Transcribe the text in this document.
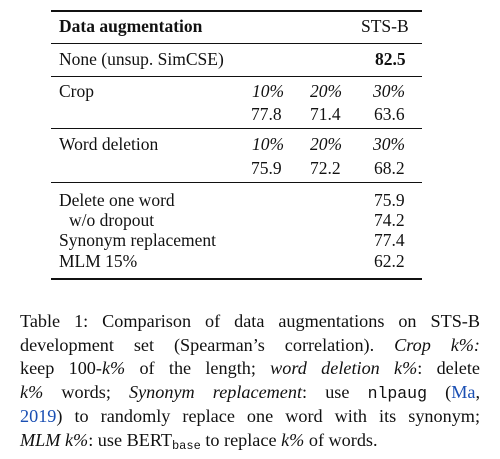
Data augmentation	STS-B
None (unsup. SimCSE)	82.5
Crop	10% 20% 30%
77.8 71.4 63.6
Word deletion	10% 20% 30%
75.9 72.2 68.2
Delete one word	75.9
w/o dropout	74.2
Synonym replacement	77.4
MLM 15%	62.2
Table 1: Comparison of data augmentations on STS-B
development set (Spearman’s correlation). Crop k%:
keep 100-k% of the length; word deletion k%: delete
k% words; Synonym replacement: use nlpaug (Ma,
2019) to randomly replace one word with its synonym;
MLM k%: use $BERT_{base}$ to replace k% of words.
